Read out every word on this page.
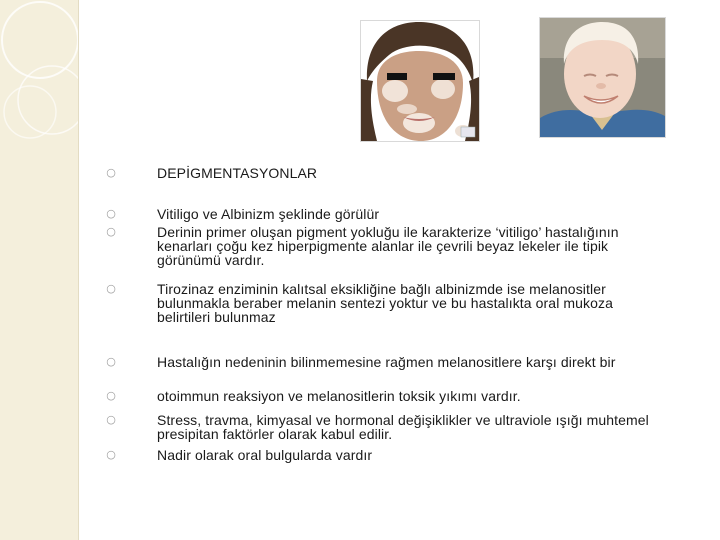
○	DEPİGMENTASYONLAR

○	Vitiligo ve Albinizm şeklinde görülür

○	Derinin primer oluşan pigment yokluğu ile karakterize ‘vitiligo’ hastalığının kenarları çoğu kez hiperpigmente alanlar ile çevrili beyaz lekeler ile tipik görünümü vardır.

○	Tirozinaz enziminin kalıtsal eksikliğine bağlı albinizmde ise melanositler bulunmakla beraber melanin sentezi yoktur ve bu hastalıkta oral mukoza belirtileri bulunmaz

○	Hastalığın nedeninin bilinmemesine rağmen melanositlere karşı direkt bir

○	otoimmun reaksiyon ve melanositlerin toksik yıkımı vardır.

○	Stress, travma, kimyasal ve hormonal değişiklikler ve ultraviole ışığı muhtemel presipitan faktörler olarak kabul edilir.

○	Nadir olarak oral bulgularda vardır
